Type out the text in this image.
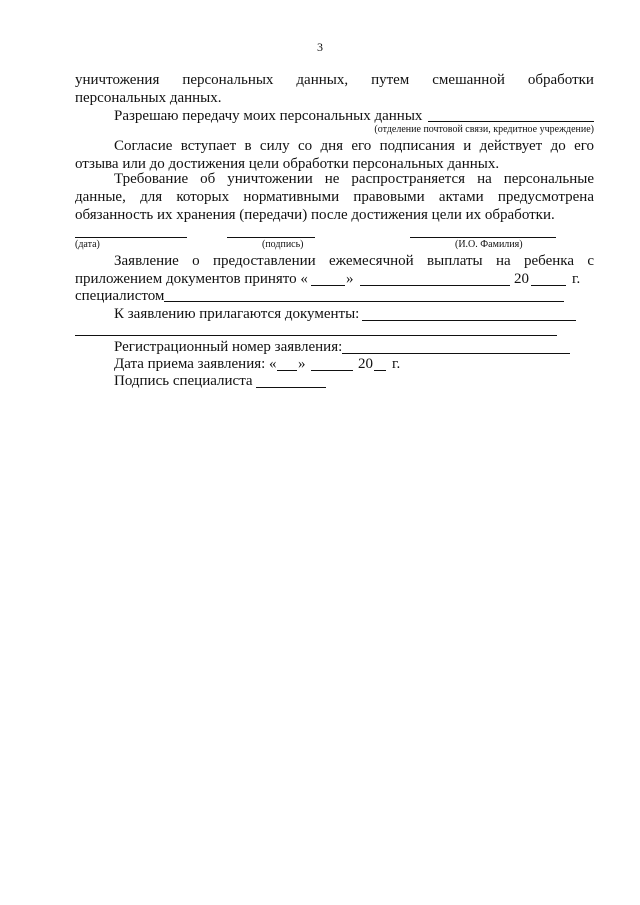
3
уничтожения персональных данных, путем смешанной обработки
персональных данных.
Разрешаю передачу моих персональных данных
(отделение почтовой связи, кредитное учреждение)
Согласие вступает в силу со дня его подписания и действует до его
отзыва или до достижения цели обработки персональных данных.
Требование об уничтожении не распространяется на персональные
данные, для которых нормативными правовыми актами предусмотрена
обязанность их хранения (передачи) после достижения цели их обработки.
(дата)	(подпись)	(И.О. Фамилия)
Заявление о предоставлении ежемесячной выплаты на ребенка с
приложением документов принято «	»	20	г.
специалистом
К заявлению прилагаются документы:
Регистрационный номер заявления:
Дата приема заявления: « »	20 г.
Подпись специалиста
